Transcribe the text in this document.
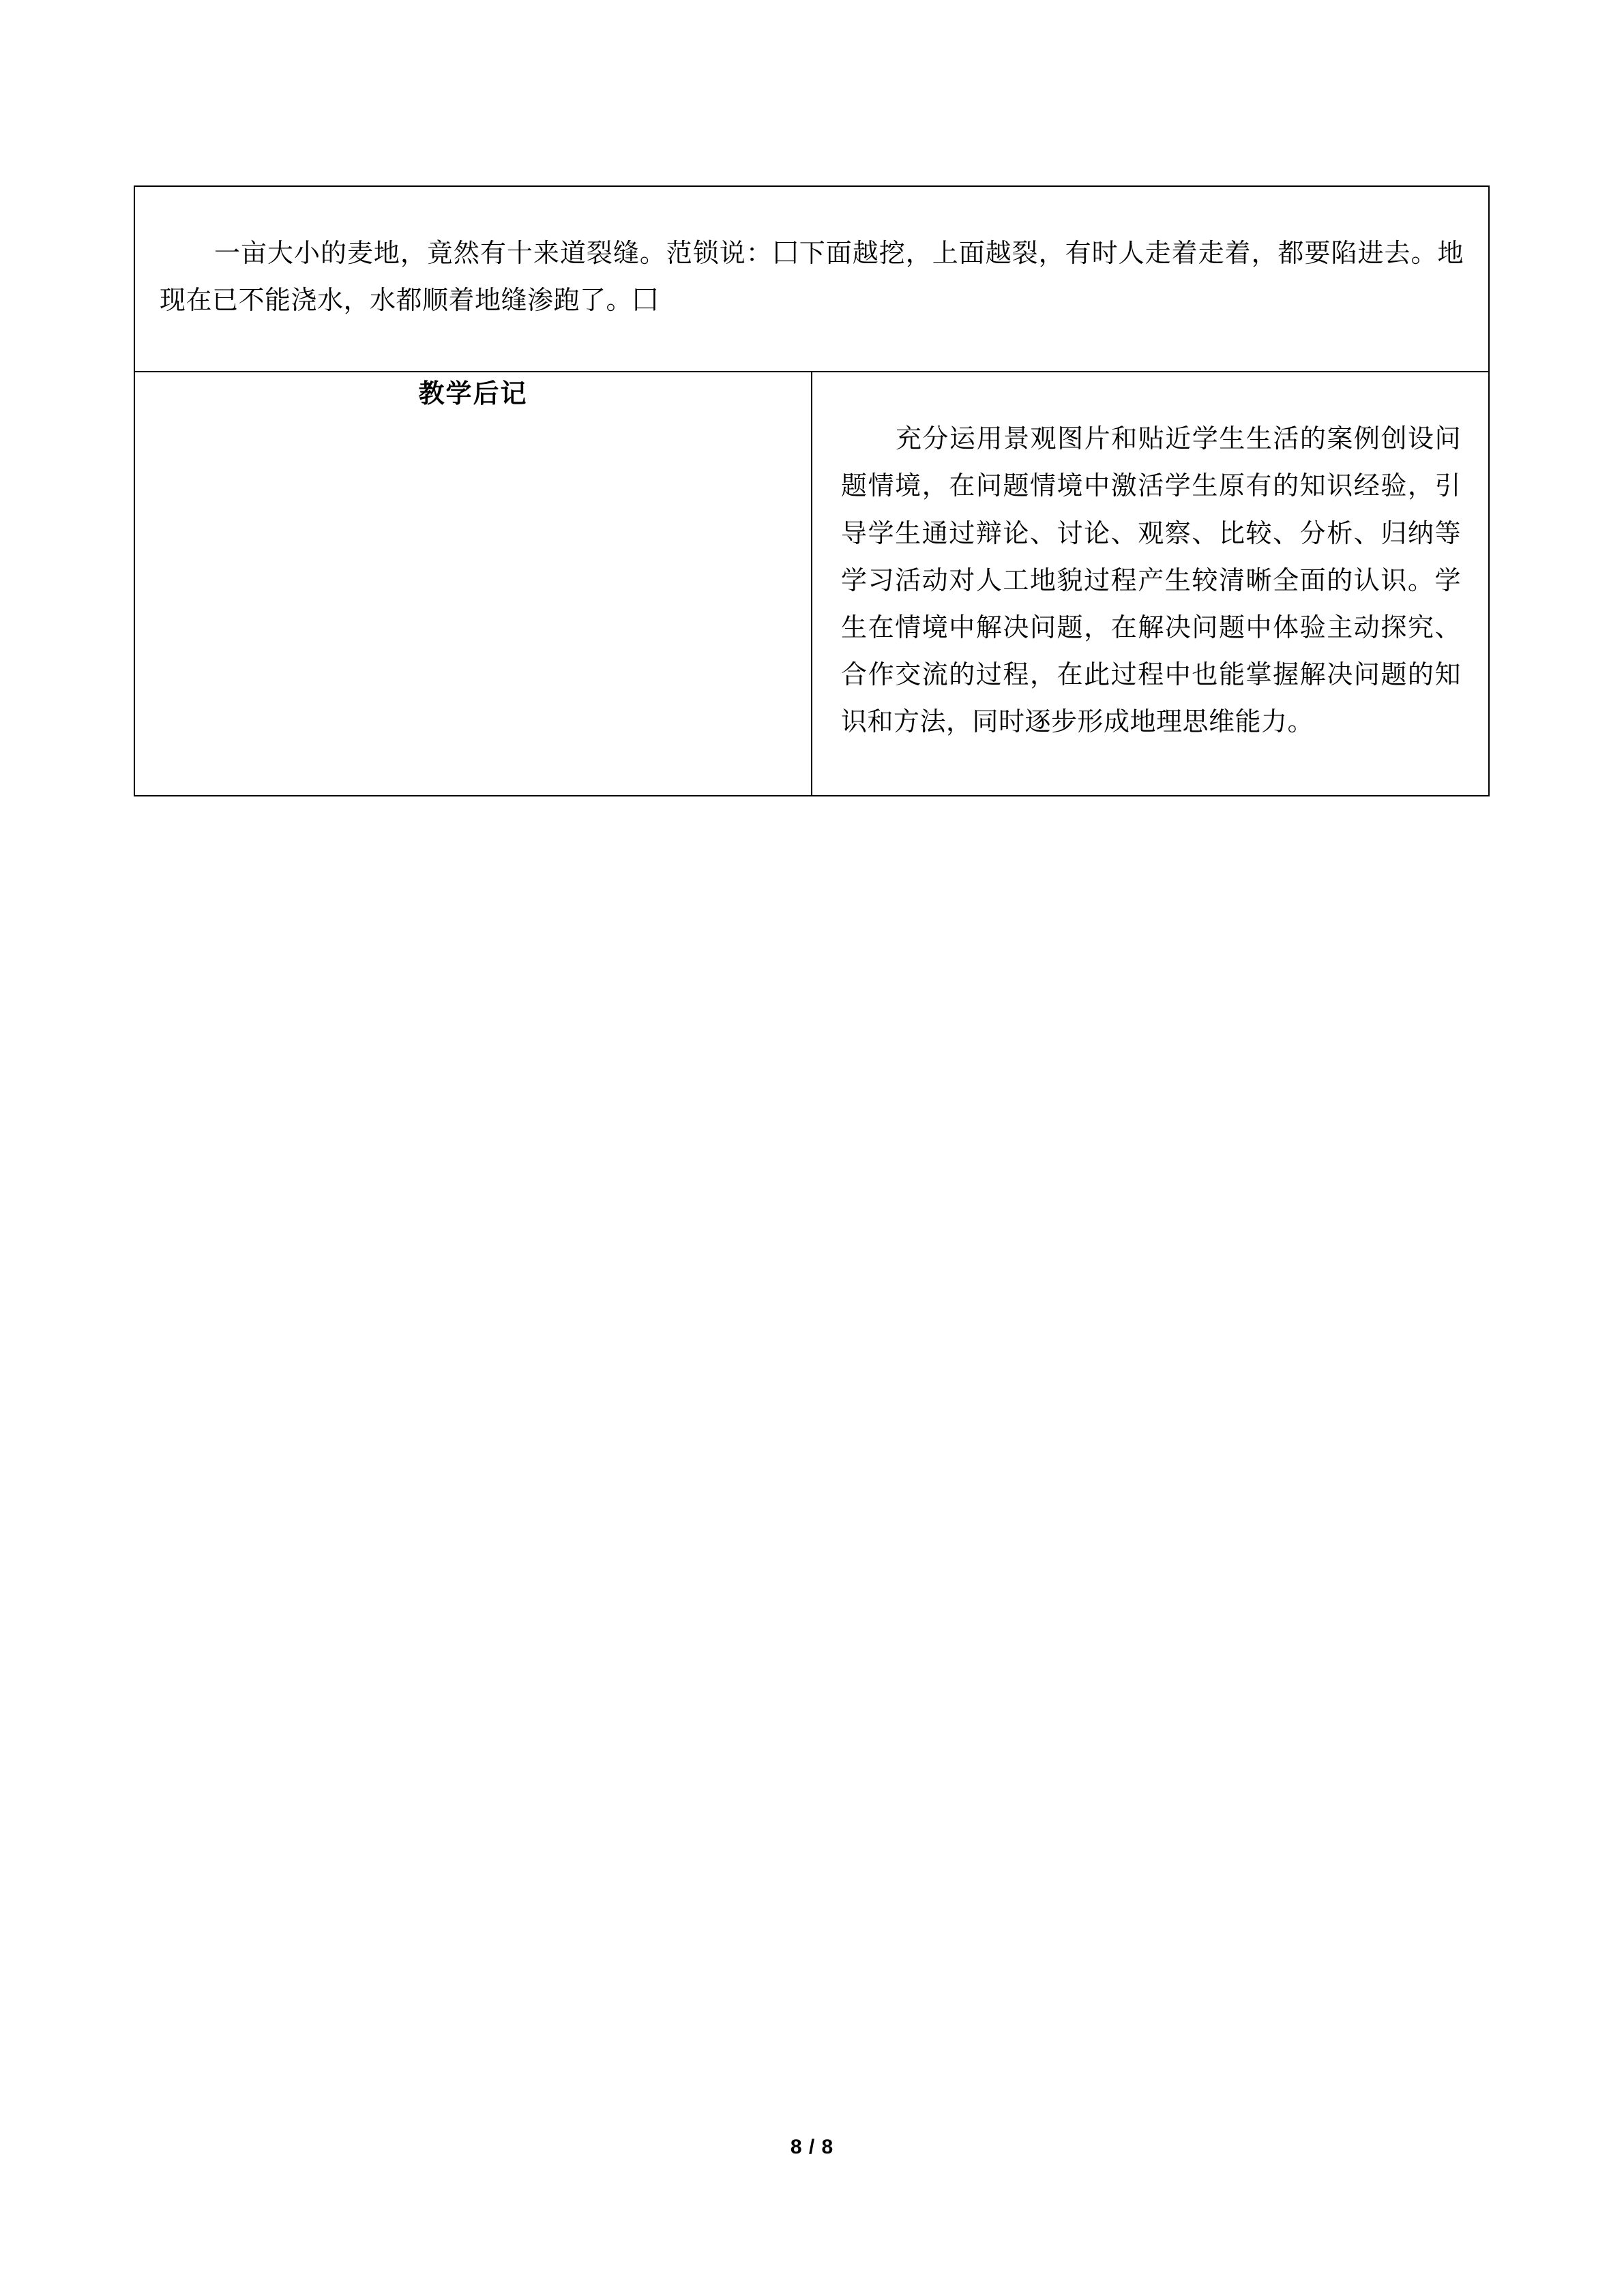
一亩大小的麦地，竟然有十来道裂缝。范锁说：囗下面越挖，上面越裂，有时人走着走着，都要陷进去。地现在已不能浇水，水都顺着地缝渗跑了。囗

教学后记

充分运用景观图片和贴近学生生活的案例创设问题情境，在问题情境中激活学生原有的知识经验，引导学生通过辩论、讨论、观察、比较、分析、归纳等学习活动对人工地貌过程产生较清晰全面的认识。学生在情境中解决问题，在解决问题中体验主动探究、合作交流的过程，在此过程中也能掌握解决问题的知识和方法，同时逐步形成地理思维能力。

8 / 8
